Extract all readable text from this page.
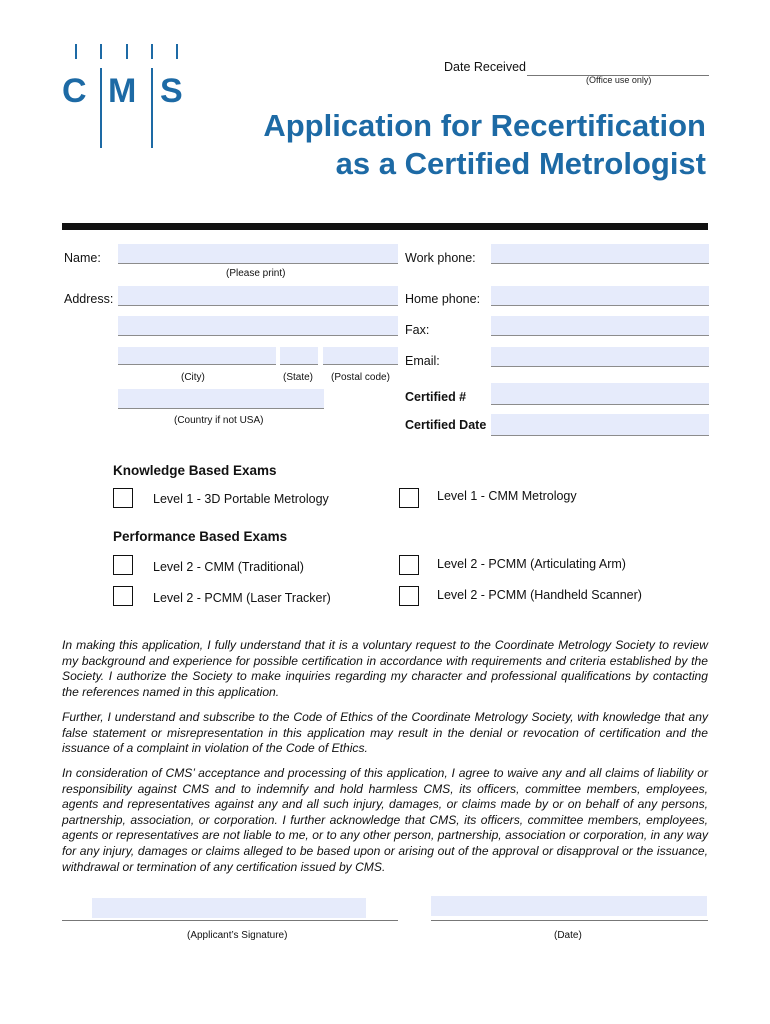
C M S
Date Received
(Office use only)
Application for Recertification
as a Certified Metrologist
Name:
(Please print)
Address:
(City)	(State) (Postal code)
(Country if not USA)
Work phone:
Home phone:
Fax:
Email:
Certified #
Certified Date
Knowledge Based Exams
Level 1 - 3D Portable Metrology	Level 1 - CMM Metrology
Performance Based Exams
Level 2 - CMM (Traditional)	Level 2 - PCMM (Articulating Arm)
Level 2 - PCMM (Laser Tracker)	Level 2 - PCMM (Handheld Scanner)

In making this application, I fully understand that it is a voluntary request to the Coordinate Metrology Society to review my background and experience for possible certification in accordance with requirements and criteria established by the Society. I authorize the Society to make inquiries regarding my character and professional qualifications by contacting the references named in this application.

Further, I understand and subscribe to the Code of Ethics of the Coordinate Metrology Society, with knowledge that any false statement or misrepresentation in this application may result in the denial or revocation of certification and the issuance of a complaint in violation of the Code of Ethics.

In consideration of CMS’ acceptance and processing of this application, I agree to waive any and all claims of liability or responsibility against CMS and to indemnify and hold harmless CMS, its officers, committee members, employees, agents and representatives against any and all such injury, damages, or claims made by or on behalf of any persons, partnership, association, or corporation. I further acknowledge that CMS, its officers, committee members, employees, agents or representatives are not liable to me, or to any other person, partnership, association or corporation, in any way for any injury, damages or claims alleged to be based upon or arising out of the approval or disapproval or the issuance, withdrawal or termination of any certification issued by CMS.

(Applicant’s Signature)	(Date)
